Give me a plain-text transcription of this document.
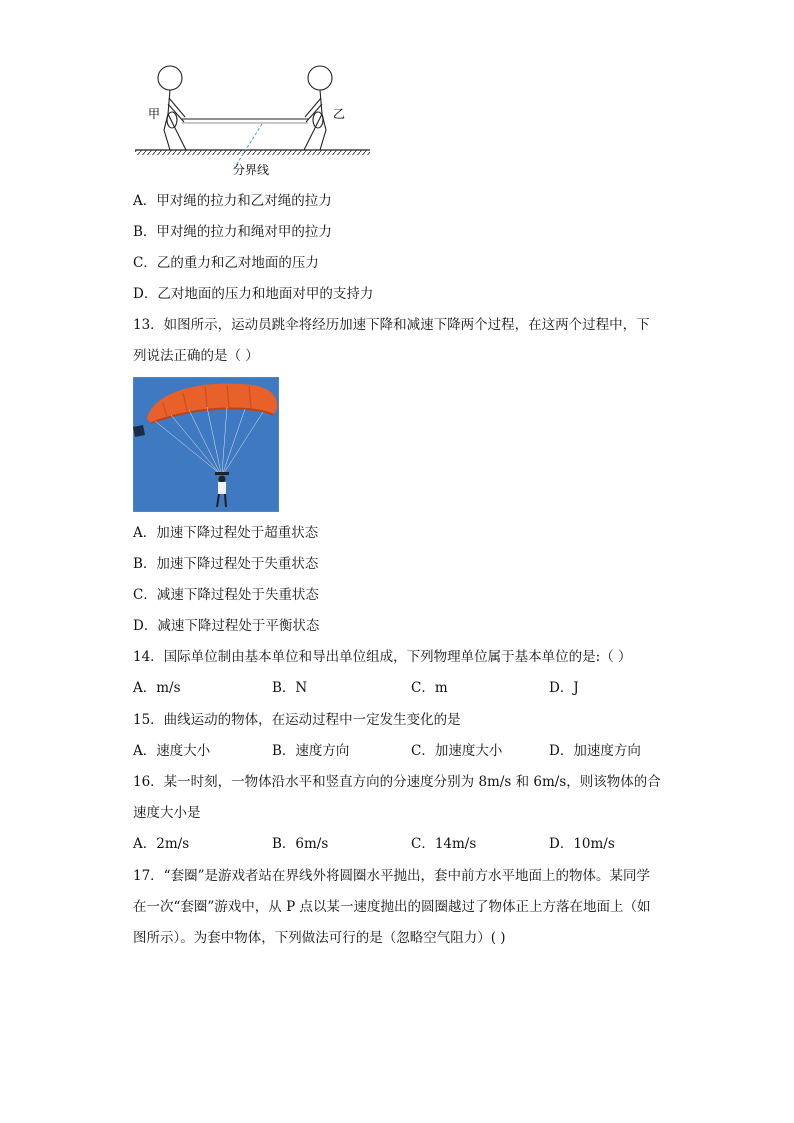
甲	乙
分界线
A．甲对绳的拉力和乙对绳的拉力
B．甲对绳的拉力和绳对甲的拉力
C．乙的重力和乙对地面的压力
D．乙对地面的压力和地面对甲的支持力
13．如图所示，运动员跳伞将经历加速下降和减速下降两个过程，在这两个过程中，下
列说法正确的是（ ）
A．加速下降过程处于超重状态
B．加速下降过程处于失重状态
C．减速下降过程处于失重状态
D．减速下降过程处于平衡状态
14．国际单位制由基本单位和导出单位组成，下列物理单位属于基本单位的是:（ ）
A．m/s	B．N	C．m	D．J
15．曲线运动的物体，在运动过程中一定发生变化的是
A．速度大小	B．速度方向	C．加速度大小	D．加速度方向
16．某一时刻，一物体沿水平和竖直方向的分速度分别为 8m/s 和 6m/s，则该物体的合
速度大小是
A．2m/s	B．6m/s	C．14m/s	D．10m/s
17．“套圈”是游戏者站在界线外将圆圈水平抛出，套中前方水平地面上的物体。某同学
在一次“套圈”游戏中，从 P 点以某一速度抛出的圆圈越过了物体正上方落在地面上（如
图所示）。为套中物体，下列做法可行的是（忽略空气阻力）( )
